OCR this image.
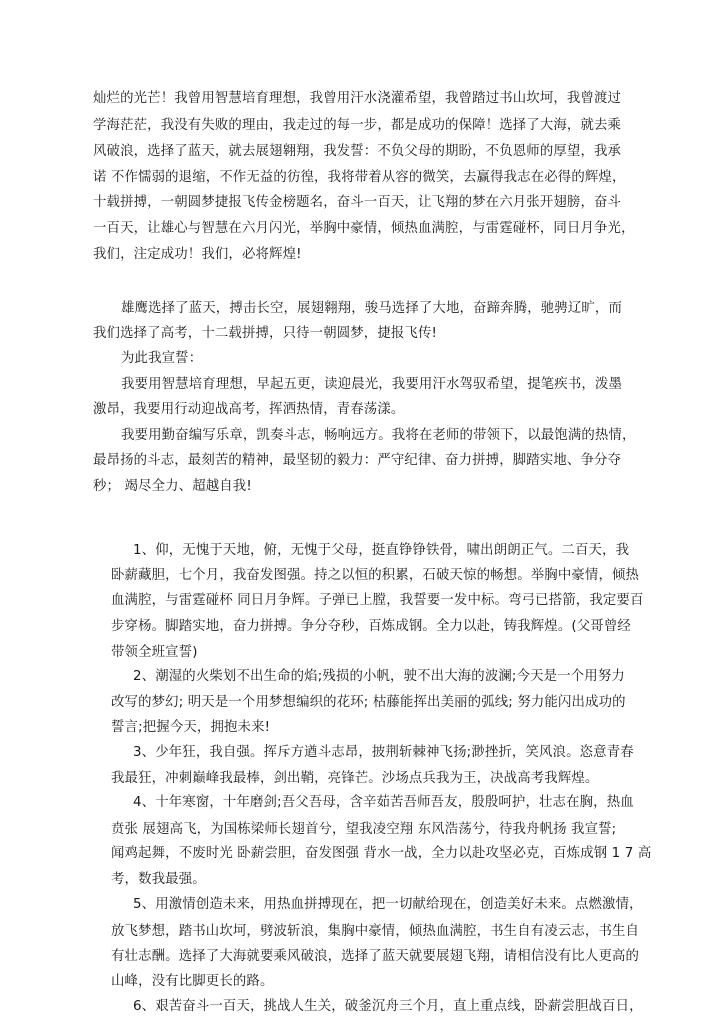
灿烂的光芒！我曾用智慧培育理想，我曾用汗水浇灌希望，我曾踏过书山坎坷，我曾渡过
学海茫茫，我没有失败的理由，我走过的每一步，都是成功的保障！选择了大海，就去乘
风破浪，选择了蓝天，就去展翅翱翔，我发誓：不负父母的期盼，不负恩师的厚望，我承
诺 不作懦弱的退缩，不作无益的彷徨，我将带着从容的微笑，去赢得我志在必得的辉煌，
十载拼搏，一朝圆梦捷报飞传金榜题名，奋斗一百天，让飞翔的梦在六月张开翅膀，奋斗
一百天，让雄心与智慧在六月闪光，举胸中豪情，倾热血满腔，与雷霆碰杯，同日月争光，
我们，注定成功！我们，必将辉煌!
雄鹰选择了蓝天，搏击长空，展翅翱翔，骏马选择了大地，奋蹄奔腾，驰骋辽旷，而
我们选择了高考，十二载拼搏，只待一朝圆梦，捷报飞传!
为此我宣誓：
我要用智慧培育理想，早起五更，读迎晨光，我要用汗水驾驭希望，提笔疾书，泼墨
激昂，我要用行动迎战高考，挥洒热情，青春荡漾。
我要用勤奋编写乐章，凯奏斗志，畅响远方。我将在老师的带领下，以最饱满的热情，
最昂扬的斗志，最刻苦的精神，最坚韧的毅力：严守纪律、奋力拼搏，脚踏实地、争分夺
秒； 竭尽全力、超越自我!
1、仰，无愧于天地，俯，无愧于父母，挺直铮铮铁骨，啸出朗朗正气。二百天，我
卧薪藏胆，七个月，我奋发图强。持之以恒的积累，石破天惊的畅想。举胸中豪情，倾热
血满腔，与雷霆碰杯 同日月争辉。子弹已上膛，我誓要一发中标。弯弓已搭箭，我定要百
步穿杨。脚踏实地，奋力拼搏。争分夺秒，百炼成钢。全力以赴，铸我辉煌。(父哥曾经
带领全班宣誓)
2、潮湿的火柴划不出生命的焰;残损的小帆，驶不出大海的波澜;今天是一个用努力
改写的梦幻; 明天是一个用梦想编织的花环; 枯藤能挥出美丽的弧线; 努力能闪出成功的
誓言;把握今天，拥抱未来!
3、少年狂，我自强。挥斥方遒斗志昂，披荆斩棘神飞扬;渺挫折，笑风浪。恣意青春
我最狂，冲刺巅峰我最棒，剑出鞘，亮锋芒。沙场点兵我为王，决战高考我辉煌。
4、十年寒窗，十年磨剑;吾父吾母，含辛茹苦吾师吾友，殷殷呵护，壮志在胸，热血
贲张 展翅高飞，为国栋梁师长翅首兮，望我凌空翔 东风浩荡兮，待我舟帆扬 我宣誓;
闻鸡起舞，不废时光 卧薪尝胆，奋发图强 背水一战，全力以赴攻坚必克，百炼成钢 1 7 高
考，数我最强。
5、用激情创造未来，用热血拼搏现在，把一切献给现在，创造美好未来。点燃激情，
放飞梦想，踏书山坎坷，劈波斩浪，集胸中豪情，倾热血满腔，书生自有凌云志，书生自
有壮志酬。选择了大海就要乘风破浪，选择了蓝天就要展翅飞翔，请相信没有比人更高的
山峰，没有比脚更长的路。
6、艰苦奋斗一百天，挑战人生关，破釜沉舟三个月，直上重点线，卧薪尝胆战百日，
